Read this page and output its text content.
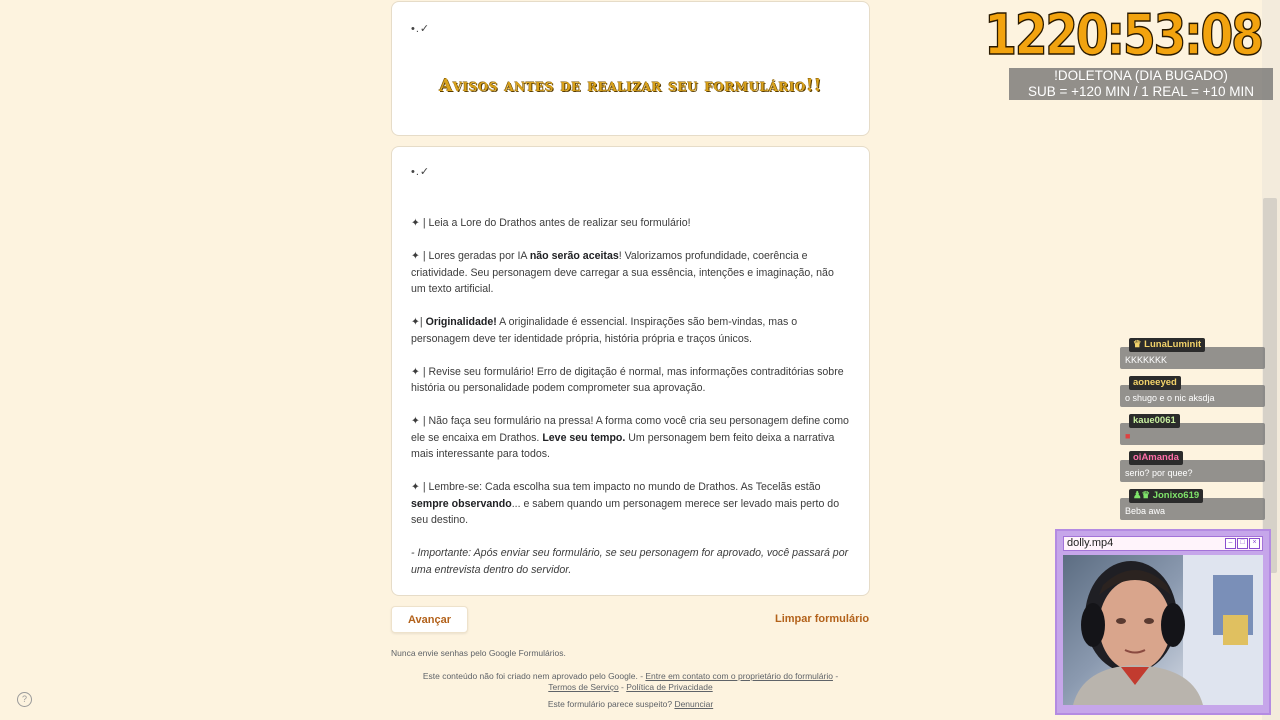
•.✓
Avisos antes de realizar seu formulário!!
•.✓

✦ | Leia a Lore do Drathos antes de realizar seu formulário!

✦ | Lores geradas por IA não serão aceitas! Valorizamos profundidade, coerência e criatividade. Seu personagem deve carregar a sua essência, intenções e imaginação, não um texto artificial.

✦| Originalidade! A originalidade é essencial. Inspirações são bem-vindas, mas o personagem deve ter identidade própria, história própria e traços únicos.

✦ | Revise seu formulário! Erro de digitação é normal, mas informações contraditórias sobre história ou personalidade podem comprometer sua aprovação.

✦ | Não faça seu formulário na pressa! A forma como você cria seu personagem define como ele se encaixa em Drathos. Leve seu tempo. Um personagem bem feito deixa a narrativa mais interessante para todos.

✦ | Lembre-se: Cada escolha sua tem impacto no mundo de Drathos. As Tecelãs estão sempre observando... e sabem quando um personagem merece ser levado mais perto do seu destino.

- Importante: Após enviar seu formulário, se seu personagem for aprovado, você passará por uma entrevista dentro do servidor.

Avançar	Limpar formulário
Nunca envie senhas pelo Google Formulários.
Este conteúdo não foi criado nem aprovado pelo Google. - Entre em contato com o proprietário do formulário -
Termos de Serviço - Política de Privacidade
Este formulário parece suspeito? Denunciar
?
1220:53:08
!DOLETONA (DIA BUGADO)
SUB = +120 MIN / 1 REAL = +10 MIN
KKKKKKK
♛ LunaLuminit
o shugo e o nic aksdja
aoneeyed
■
kaue0061
serio? por quee?
oiAmanda
Beba awa
♟♛ Jonixo619
dolly.mp4	–	□	×
